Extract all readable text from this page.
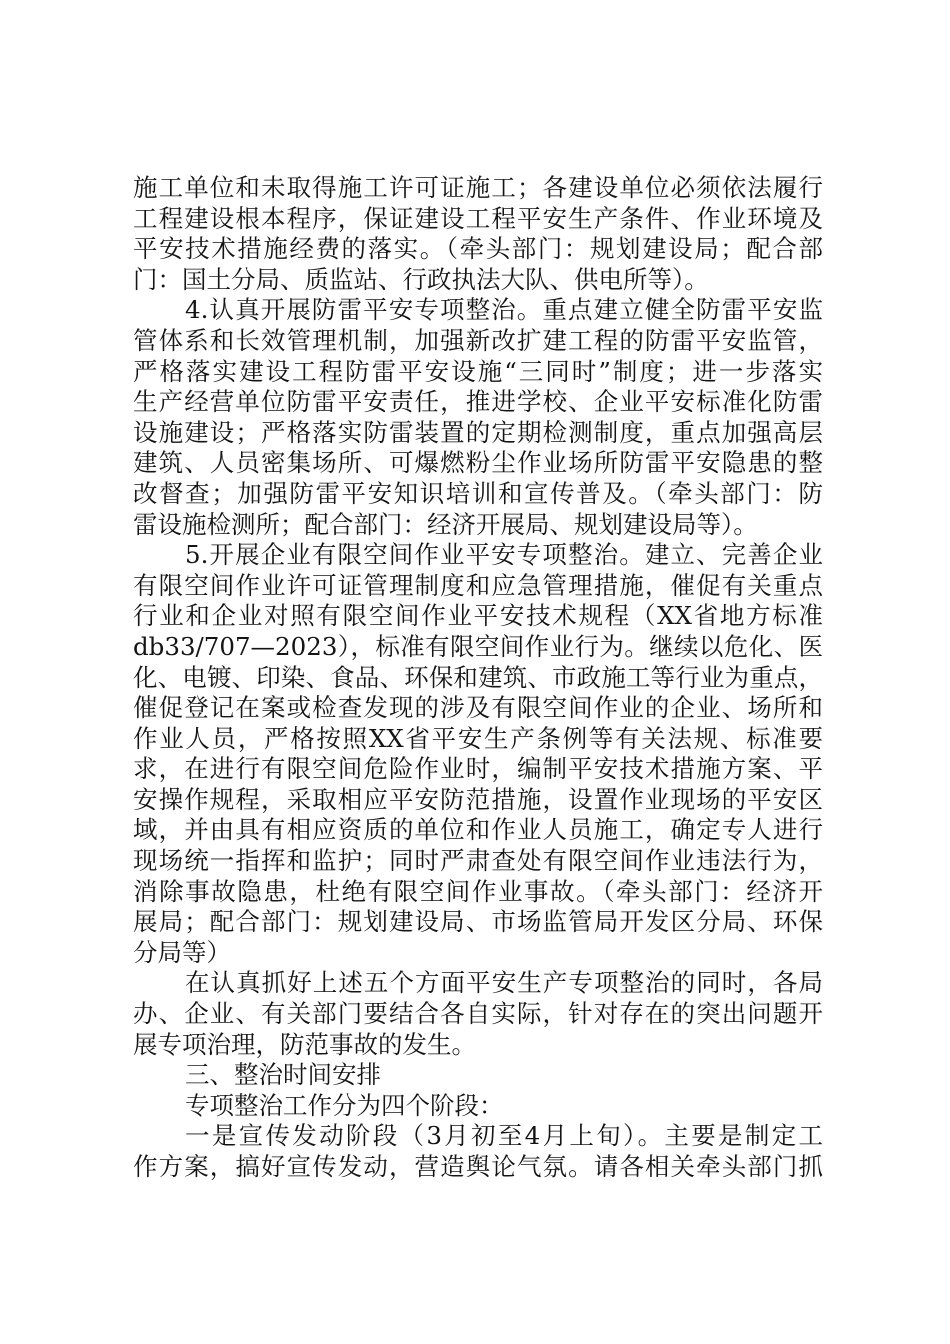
施工单位和未取得施工许可证施工；各建设单位必须依法履行
工程建设根本程序，保证建设工程平安生产条件、作业环境及
平安技术措施经费的落实。（牵头部门：规划建设局；配合部
门：国土分局、质监站、行政执法大队、供电所等）。
4.认真开展防雷平安专项整治。重点建立健全防雷平安监
管体系和长效管理机制，加强新改扩建工程的防雷平安监管，
严格落实建设工程防雷平安设施“三同时”制度；进一步落实
生产经营单位防雷平安责任，推进学校、企业平安标准化防雷
设施建设；严格落实防雷装置的定期检测制度，重点加强高层
建筑、人员密集场所、可爆燃粉尘作业场所防雷平安隐患的整
改督查；加强防雷平安知识培训和宣传普及。（牵头部门：防
雷设施检测所；配合部门：经济开展局、规划建设局等）。
5.开展企业有限空间作业平安专项整治。建立、完善企业
有限空间作业许可证管理制度和应急管理措施，催促有关重点
行业和企业对照有限空间作业平安技术规程（XX省地方标准
db33/707—2023），标准有限空间作业行为。继续以危化、医
化、电镀、印染、食品、环保和建筑、市政施工等行业为重点，
催促登记在案或检查发现的涉及有限空间作业的企业、场所和
作业人员，严格按照XX省平安生产条例等有关法规、标准要
求，在进行有限空间危险作业时，编制平安技术措施方案、平
安操作规程，采取相应平安防范措施，设置作业现场的平安区
域，并由具有相应资质的单位和作业人员施工，确定专人进行
现场统一指挥和监护；同时严肃查处有限空间作业违法行为，
消除事故隐患，杜绝有限空间作业事故。（牵头部门：经济开
展局；配合部门：规划建设局、市场监管局开发区分局、环保
分局等）
在认真抓好上述五个方面平安生产专项整治的同时，各局
办、企业、有关部门要结合各自实际，针对存在的突出问题开
展专项治理，防范事故的发生。
三、整治时间安排
专项整治工作分为四个阶段：
一是宣传发动阶段（3月初至4月上旬）。主要是制定工
作方案，搞好宣传发动，营造舆论气氛。请各相关牵头部门抓
